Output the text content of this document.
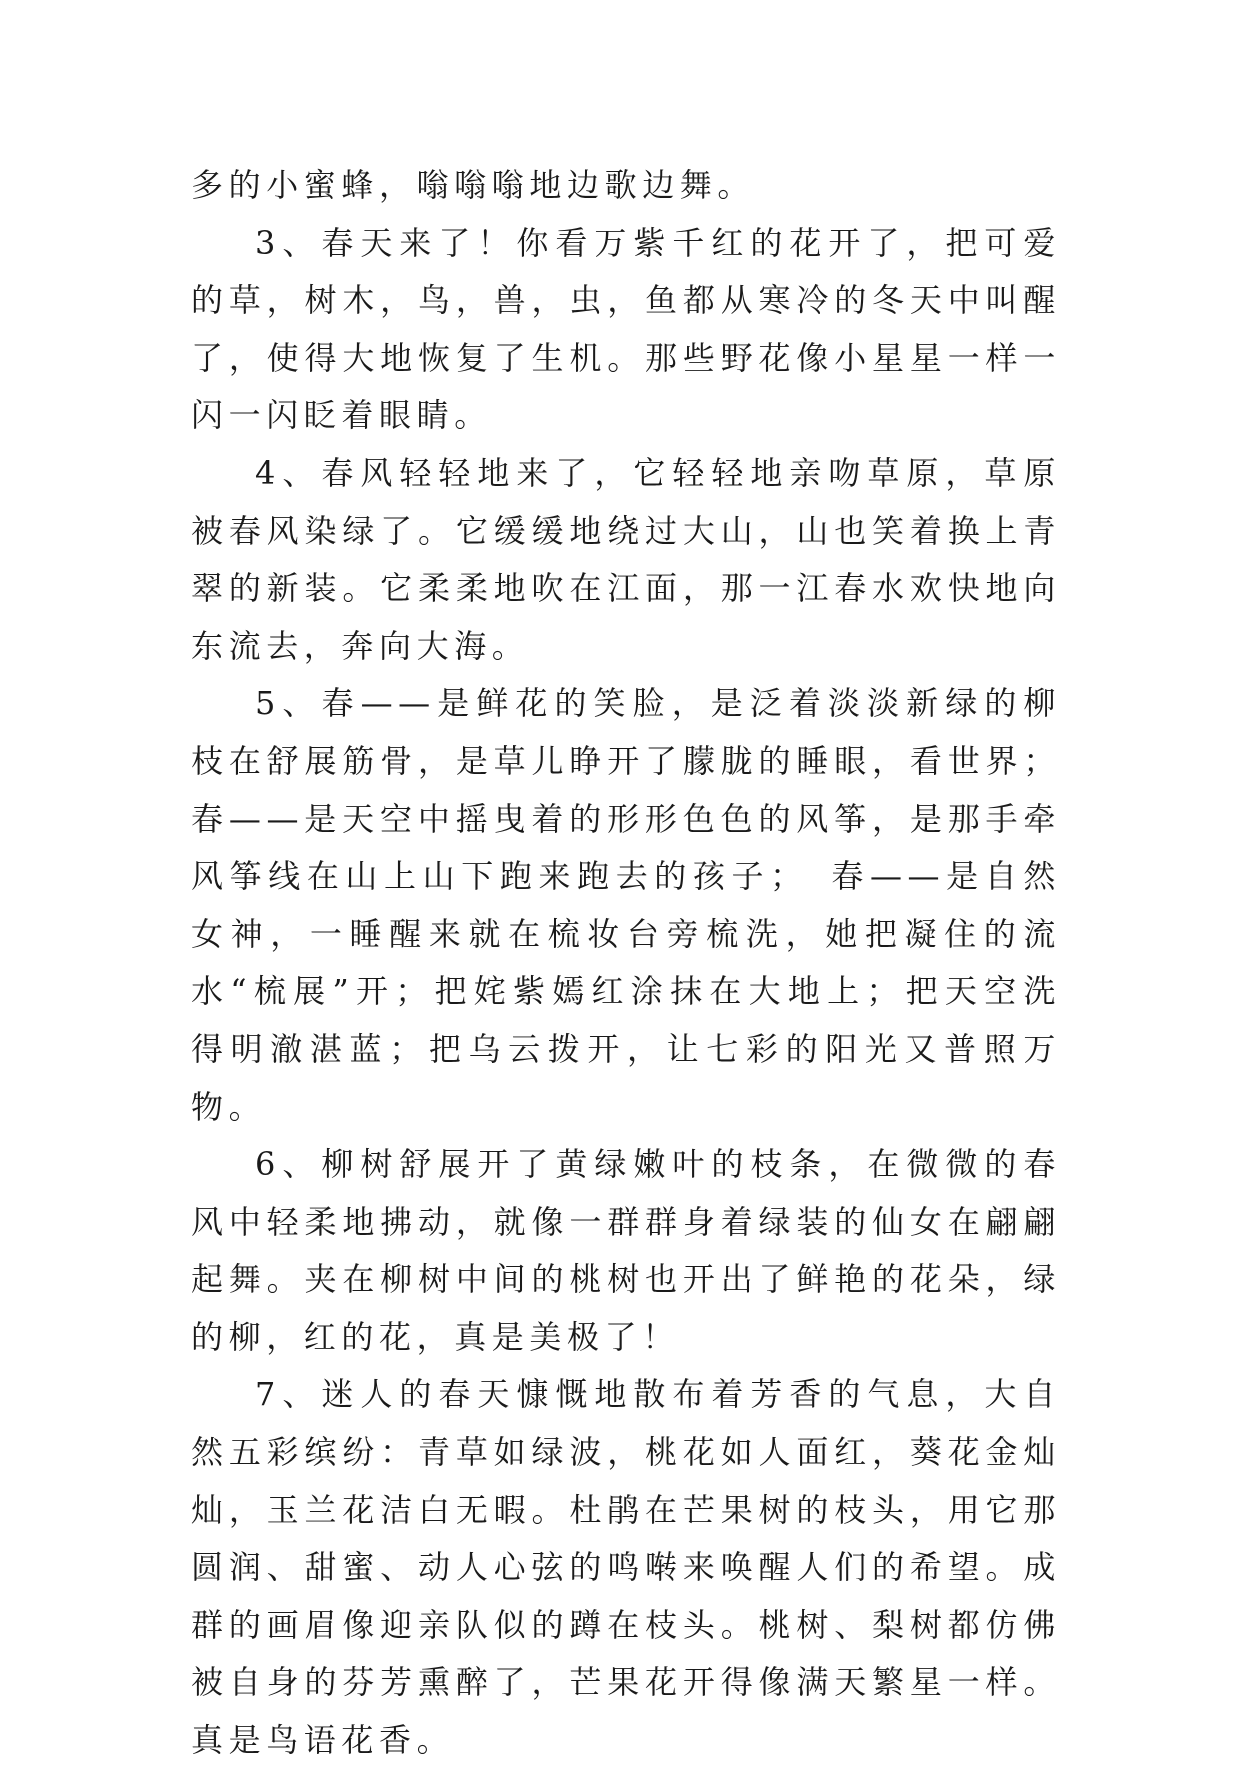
多的小蜜蜂，嗡嗡嗡地边歌边舞。

3、春天来了！你看万紫千红的花开了，把可爱的草，树木，鸟，兽，虫，鱼都从寒冷的冬天中叫醒了，使得大地恢复了生机。那些野花像小星星一样一闪一闪眨着眼睛。

4、春风轻轻地来了，它轻轻地亲吻草原，草原被春风染绿了。它缓缓地绕过大山，山也笑着换上青翠的新装。它柔柔地吹在江面，那一江春水欢快地向东流去，奔向大海。

5、春——是鲜花的笑脸，是泛着淡淡新绿的柳枝在舒展筋骨，是草儿睁开了朦胧的睡眼，看世界；春——是天空中摇曳着的形形色色的风筝，是那手牵风筝线在山上山下跑来跑去的孩子；　春——是自然女神，一睡醒来就在梳妆台旁梳洗，她把凝住的流水“梳展”开；把姹紫嫣红涂抹在大地上；把天空洗得明澈湛蓝；把乌云拨开，让七彩的阳光又普照万物。

6、柳树舒展开了黄绿嫩叶的枝条，在微微的春风中轻柔地拂动，就像一群群身着绿装的仙女在翩翩起舞。夹在柳树中间的桃树也开出了鲜艳的花朵，绿的柳，红的花，真是美极了！

7、迷人的春天慷慨地散布着芳香的气息，大自然五彩缤纷：青草如绿波，桃花如人面红，葵花金灿灿，玉兰花洁白无暇。杜鹃在芒果树的枝头，用它那圆润、甜蜜、动人心弦的鸣啭来唤醒人们的希望。成群的画眉像迎亲队似的蹲在枝头。桃树、梨树都仿佛被自身的芬芳熏醉了，芒果花开得像满天繁星一样。真是鸟语花香。
